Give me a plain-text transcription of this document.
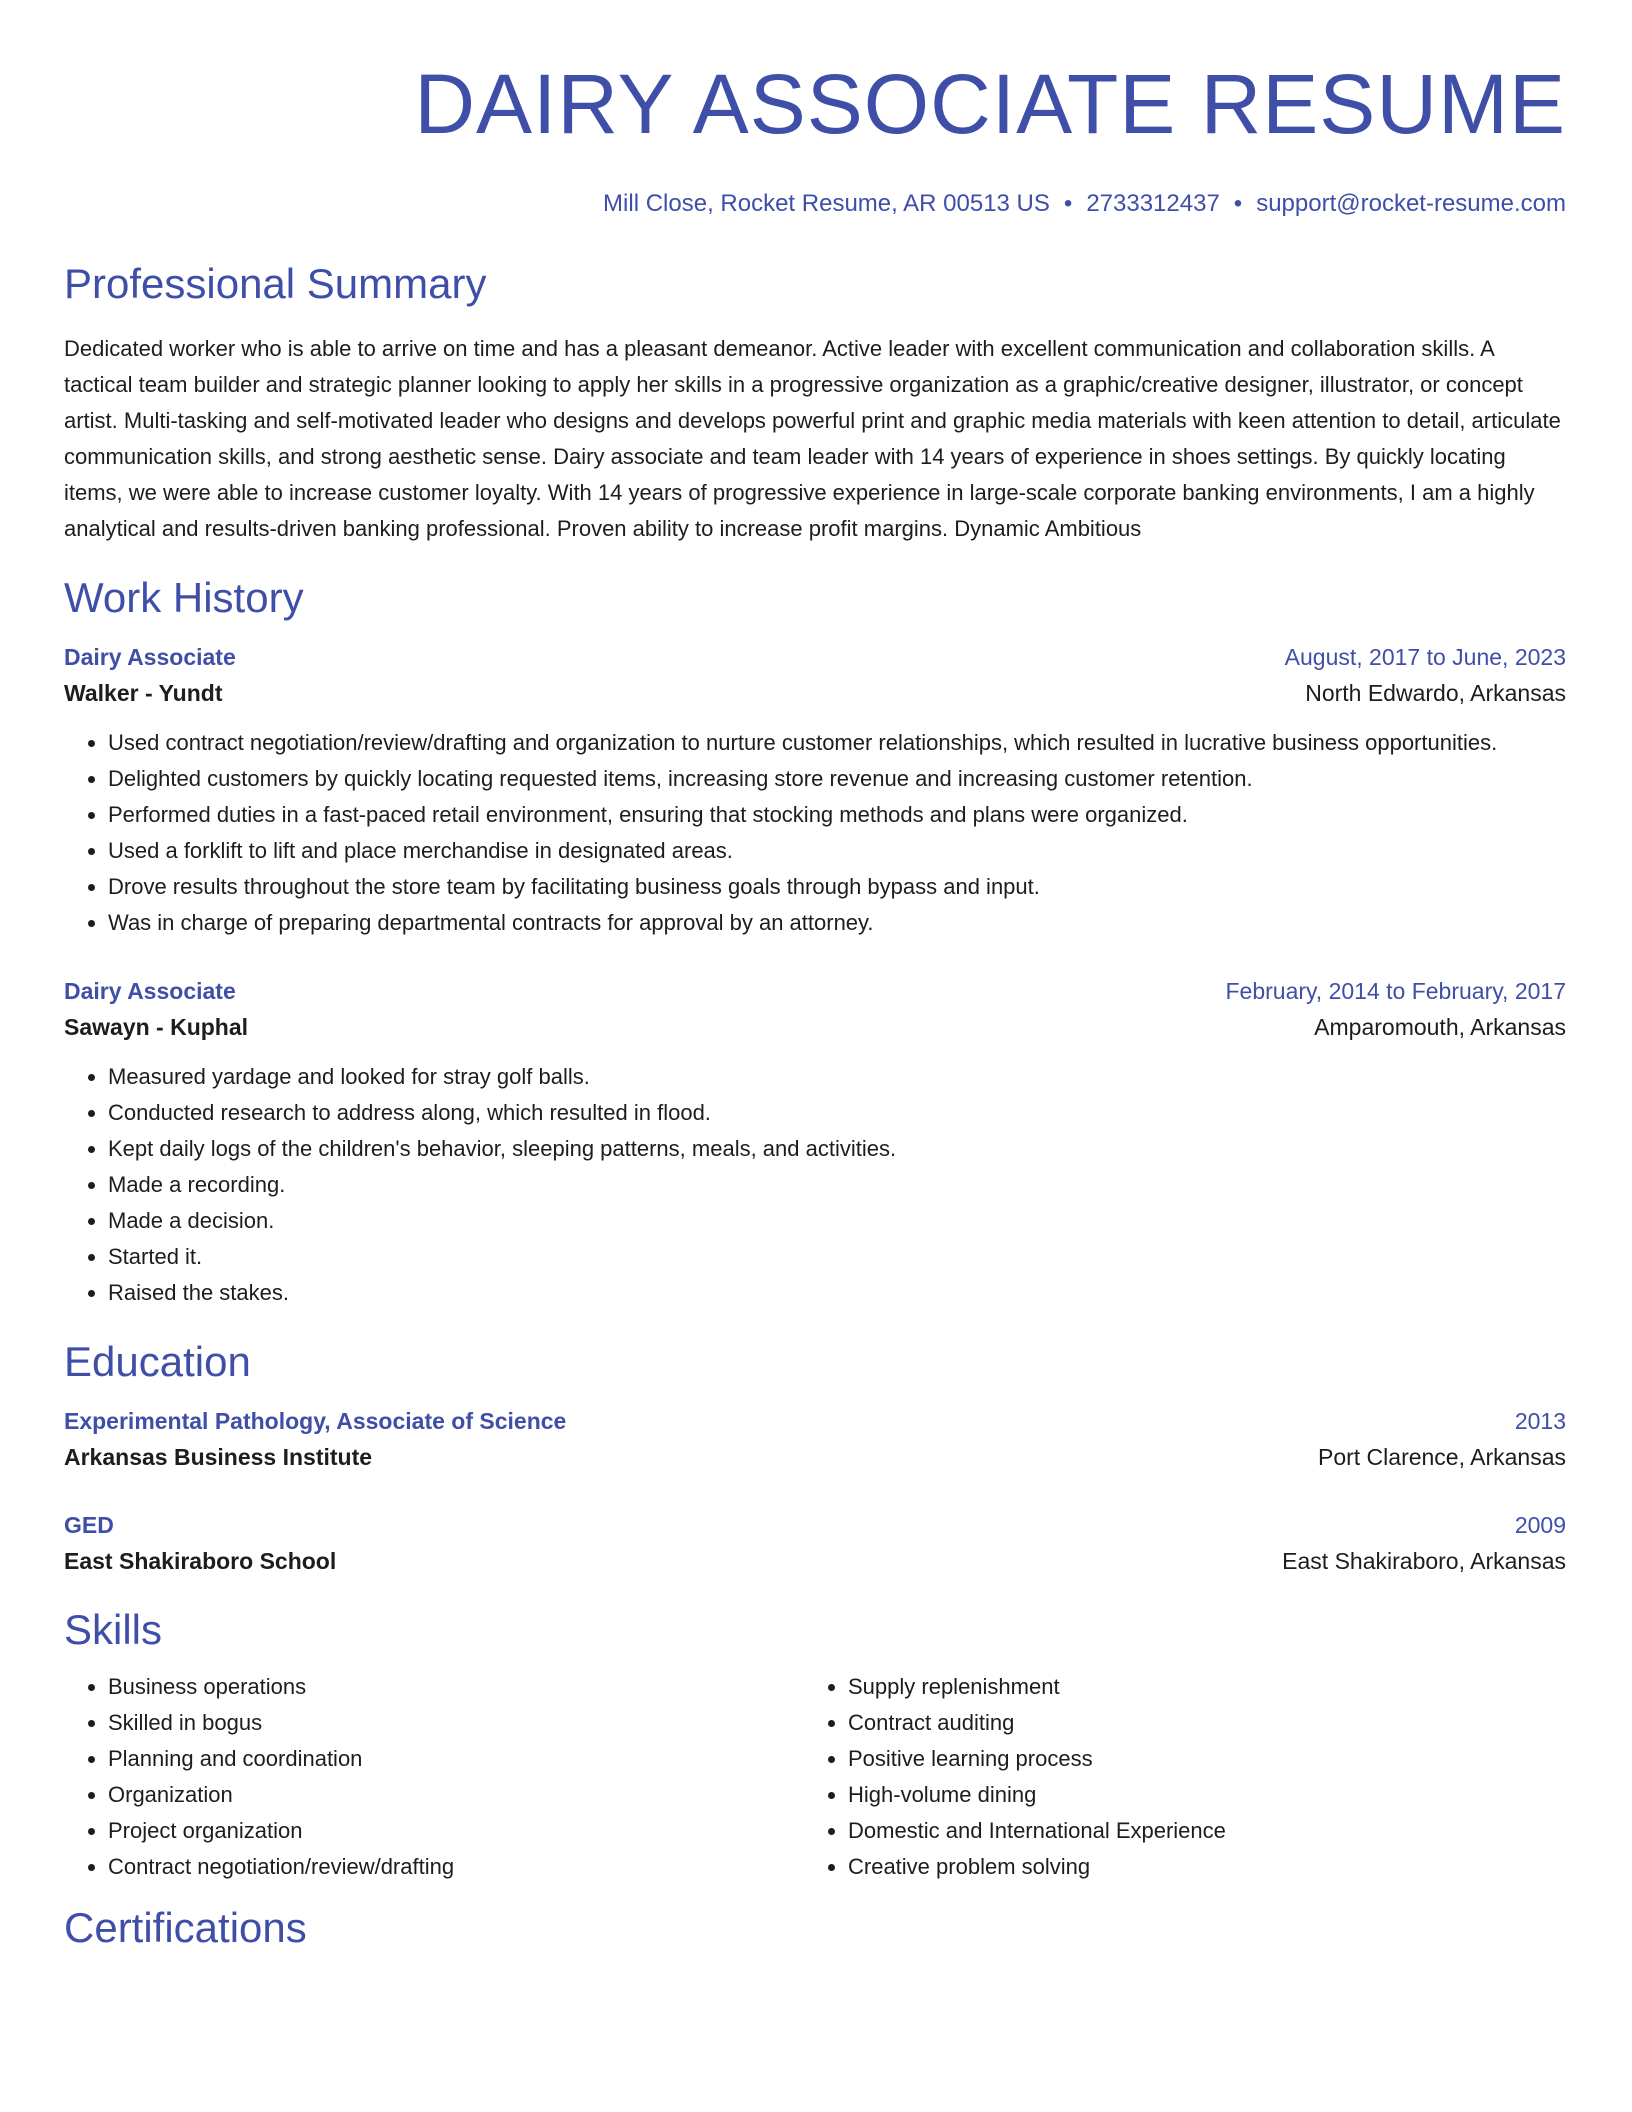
DAIRY ASSOCIATE RESUME
Mill Close, Rocket Resume, AR 00513 US • 2733312437 • support@rocket-resume.com
Professional Summary
Dedicated worker who is able to arrive on time and has a pleasant demeanor. Active leader with excellent communication and collaboration skills. A tactical team builder and strategic planner looking to apply her skills in a progressive organization as a graphic/creative designer, illustrator, or concept artist. Multi-tasking and self-motivated leader who designs and develops powerful print and graphic media materials with keen attention to detail, articulate communication skills, and strong aesthetic sense. Dairy associate and team leader with 14 years of experience in shoes settings. By quickly locating items, we were able to increase customer loyalty. With 14 years of progressive experience in large-scale corporate banking environments, I am a highly analytical and results-driven banking professional. Proven ability to increase profit margins. Dynamic Ambitious
Work History
Dairy Associate	August, 2017 to June, 2023
Walker - Yundt	North Edwardo, Arkansas
• Used contract negotiation/review/drafting and organization to nurture customer relationships, which resulted in lucrative business opportunities.
• Delighted customers by quickly locating requested items, increasing store revenue and increasing customer retention.
• Performed duties in a fast-paced retail environment, ensuring that stocking methods and plans were organized.
• Used a forklift to lift and place merchandise in designated areas.
• Drove results throughout the store team by facilitating business goals through bypass and input.
• Was in charge of preparing departmental contracts for approval by an attorney.
Dairy Associate	February, 2014 to February, 2017
Sawayn - Kuphal	Amparomouth, Arkansas
• Measured yardage and looked for stray golf balls.
• Conducted research to address along, which resulted in flood.
• Kept daily logs of the children's behavior, sleeping patterns, meals, and activities.
• Made a recording.
• Made a decision.
• Started it.
• Raised the stakes.
Education
Experimental Pathology, Associate of Science	2013
Arkansas Business Institute	Port Clarence, Arkansas
GED	2009
East Shakiraboro School	East Shakiraboro, Arkansas
Skills
• Business operations
• Skilled in bogus
• Planning and coordination
• Organization
• Project organization
• Contract negotiation/review/drafting
• Supply replenishment
• Contract auditing
• Positive learning process
• High-volume dining
• Domestic and International Experience
• Creative problem solving
Certifications
